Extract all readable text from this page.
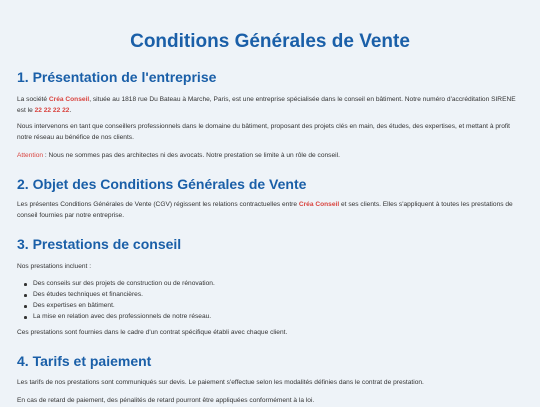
Conditions Générales de Vente
1. Présentation de l'entreprise

La société Créa Conseil, située au 1818 rue Du Bateau à Marche, Paris, est une entreprise spécialisée dans le conseil en bâtiment. Notre numéro d'accréditation SIRENE est le 22 22 22 22.

Nous intervenons en tant que conseillers professionnels dans le domaine du bâtiment, proposant des projets clés en main, des études, des expertises, et mettant à profit notre réseau au bénéfice de nos clients.

Attention : Nous ne sommes pas des architectes ni des avocats. Notre prestation se limite à un rôle de conseil.

2. Objet des Conditions Générales de Vente

Les présentes Conditions Générales de Vente (CGV) régissent les relations contractuelles entre Créa Conseil et ses clients. Elles s'appliquent à toutes les prestations de conseil fournies par notre entreprise.

3. Prestations de conseil

Nos prestations incluent :

Des conseils sur des projets de construction ou de rénovation.
Des études techniques et financières.
Des expertises en bâtiment.
La mise en relation avec des professionnels de notre réseau.

Ces prestations sont fournies dans le cadre d'un contrat spécifique établi avec chaque client.

4. Tarifs et paiement

Les tarifs de nos prestations sont communiqués sur devis. Le paiement s'effectue selon les modalités définies dans le contrat de prestation.

En cas de retard de paiement, des pénalités de retard pourront être appliquées conformément à la loi.
